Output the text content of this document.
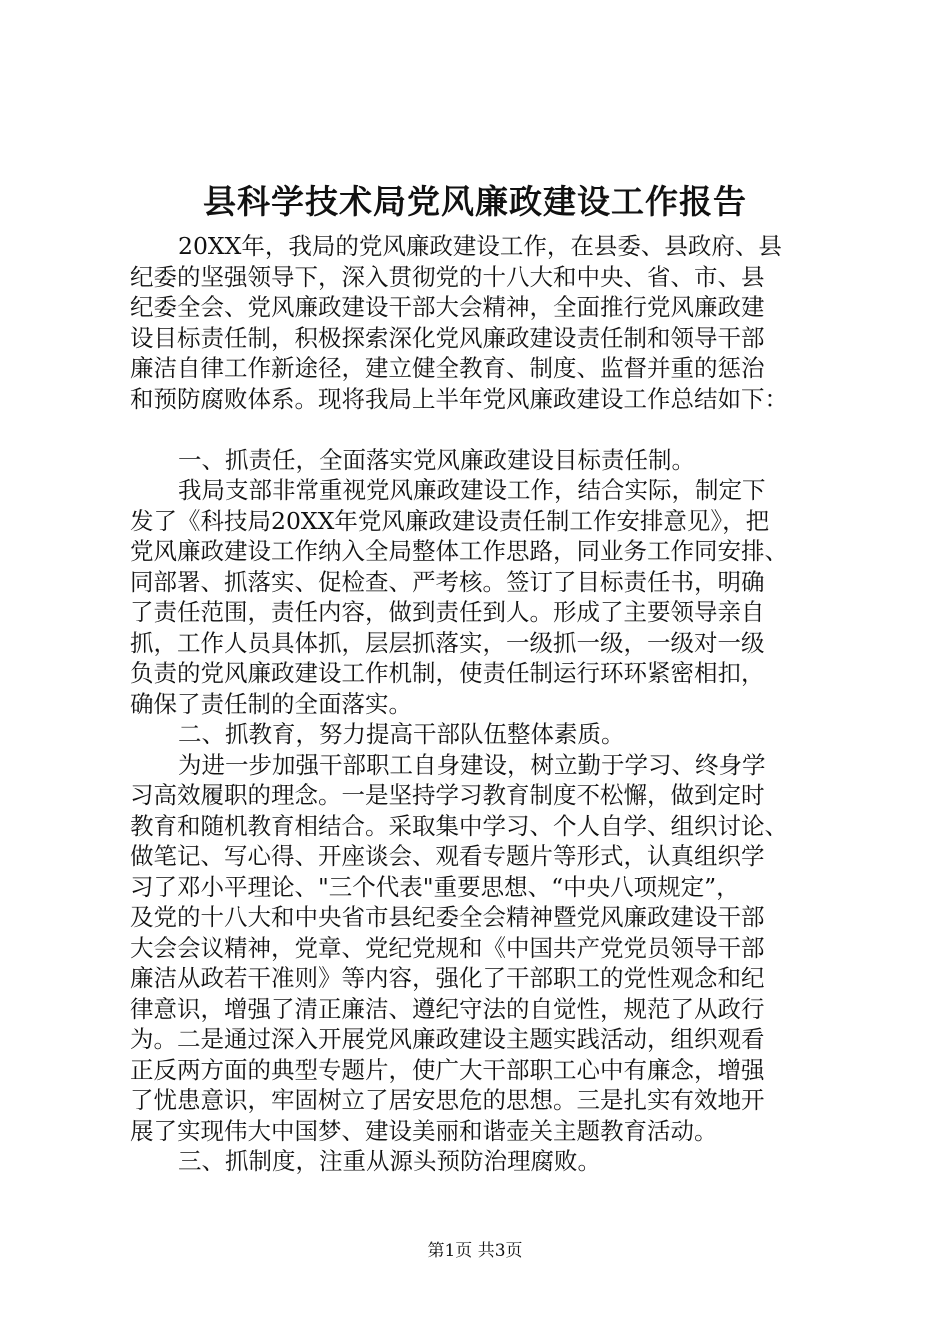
县科学技术局党风廉政建设工作报告
20XX年，我局的党风廉政建设工作，在县委、县政府、县
纪委的坚强领导下，深入贯彻党的十八大和中央、省、市、县
纪委全会、党风廉政建设干部大会精神，全面推行党风廉政建
设目标责任制，积极探索深化党风廉政建设责任制和领导干部
廉洁自律工作新途径，建立健全教育、制度、监督并重的惩治
和预防腐败体系。现将我局上半年党风廉政建设工作总结如下：
一、抓责任，全面落实党风廉政建设目标责任制。
我局支部非常重视党风廉政建设工作，结合实际，制定下
发了《科技局20XX年党风廉政建设责任制工作安排意见》，把
党风廉政建设工作纳入全局整体工作思路，同业务工作同安排、
同部署、抓落实、促检查、严考核。签订了目标责任书，明确
了责任范围，责任内容，做到责任到人。形成了主要领导亲自
抓，工作人员具体抓，层层抓落实，一级抓一级，一级对一级
负责的党风廉政建设工作机制，使责任制运行环环紧密相扣，
确保了责任制的全面落实。
二、抓教育，努力提高干部队伍整体素质。
为进一步加强干部职工自身建设，树立勤于学习、终身学
习高效履职的理念。一是坚持学习教育制度不松懈，做到定时
教育和随机教育相结合。采取集中学习、个人自学、组织讨论、
做笔记、写心得、开座谈会、观看专题片等形式，认真组织学
习了邓小平理论、"三个代表"重要思想、“中央八项规定”，
及党的十八大和中央省市县纪委全会精神暨党风廉政建设干部
大会会议精神，党章、党纪党规和《中国共产党党员领导干部
廉洁从政若干准则》等内容，强化了干部职工的党性观念和纪
律意识，增强了清正廉洁、遵纪守法的自觉性，规范了从政行
为。二是通过深入开展党风廉政建设主题实践活动，组织观看
正反两方面的典型专题片，使广大干部职工心中有廉念，增强
了忧患意识，牢固树立了居安思危的思想。三是扎实有效地开
展了实现伟大中国梦、建设美丽和谐壶关主题教育活动。
三、抓制度，注重从源头预防治理腐败。
第1页 共3页
